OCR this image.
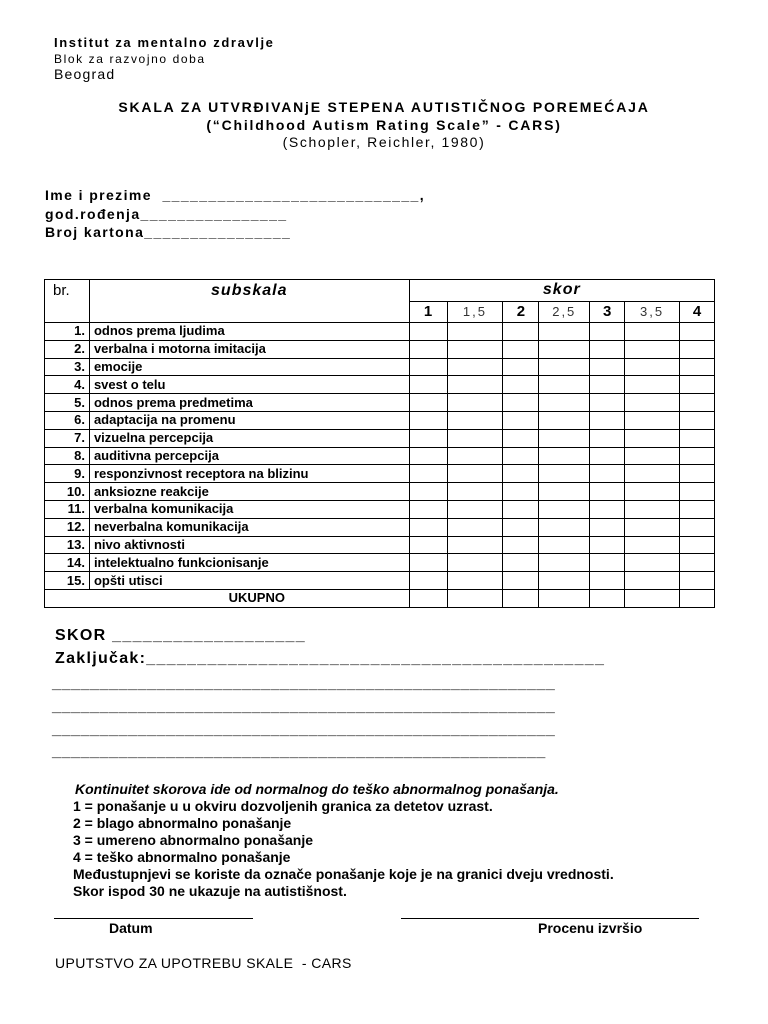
Institut za mentalno zdravlje
Blok za razvojno doba
Beograd
SKALA ZA UTVRĐIVANjE STEPENA AUTISTIČNOG POREMEĆAJA
(“Childhood Autism Rating Scale” - CARS)
(Schopler, Reichler, 1980)
Ime i prezime  ____________________________,
god.rođenja________________
Broj kartona________________
br.	subskala	skor						
		1	1,5	2	2,5	3	3,5	4
1.	odnos prema ljudima							
2.	verbalna i motorna imitacija							
3.	emocije							
4.	svest o telu							
5.	odnos prema predmetima							
6.	adaptacija na promenu							
7.	vizuelna percepcija							
8.	auditivna percepcija							
9.	responzivnost receptora na blizinu							
10.	anksiozne reakcije							
11.	verbalna komunikacija							
12.	neverbalna komunikacija							
13.	nivo aktivnosti							
14.	intelektualno funkcionisanje							
15.	opšti utisci							
UKUPNO								
SKOR ___________________
Zaključak:_____________________________________________
_____________________________________________________
_____________________________________________________
_____________________________________________________
____________________________________________________
Kontinuitet skorova ide od normalnog do teško abnormalnog ponašanja.
1 = ponašanje u u okviru dozvoljenih granica za detetov uzrast.
2 = blago abnormalno ponašanje
3 = umereno abnormalno ponašanje
4 = teško abnormalno ponašanje
Međustupnjevi se koriste da označe ponašanje koje je na granici dveju vrednosti.
Skor ispod 30 ne ukazuje na autistišnost.
Datum	Procenu izvršio
UPUTSTVO ZA UPOTREBU SKALE  - CARS
